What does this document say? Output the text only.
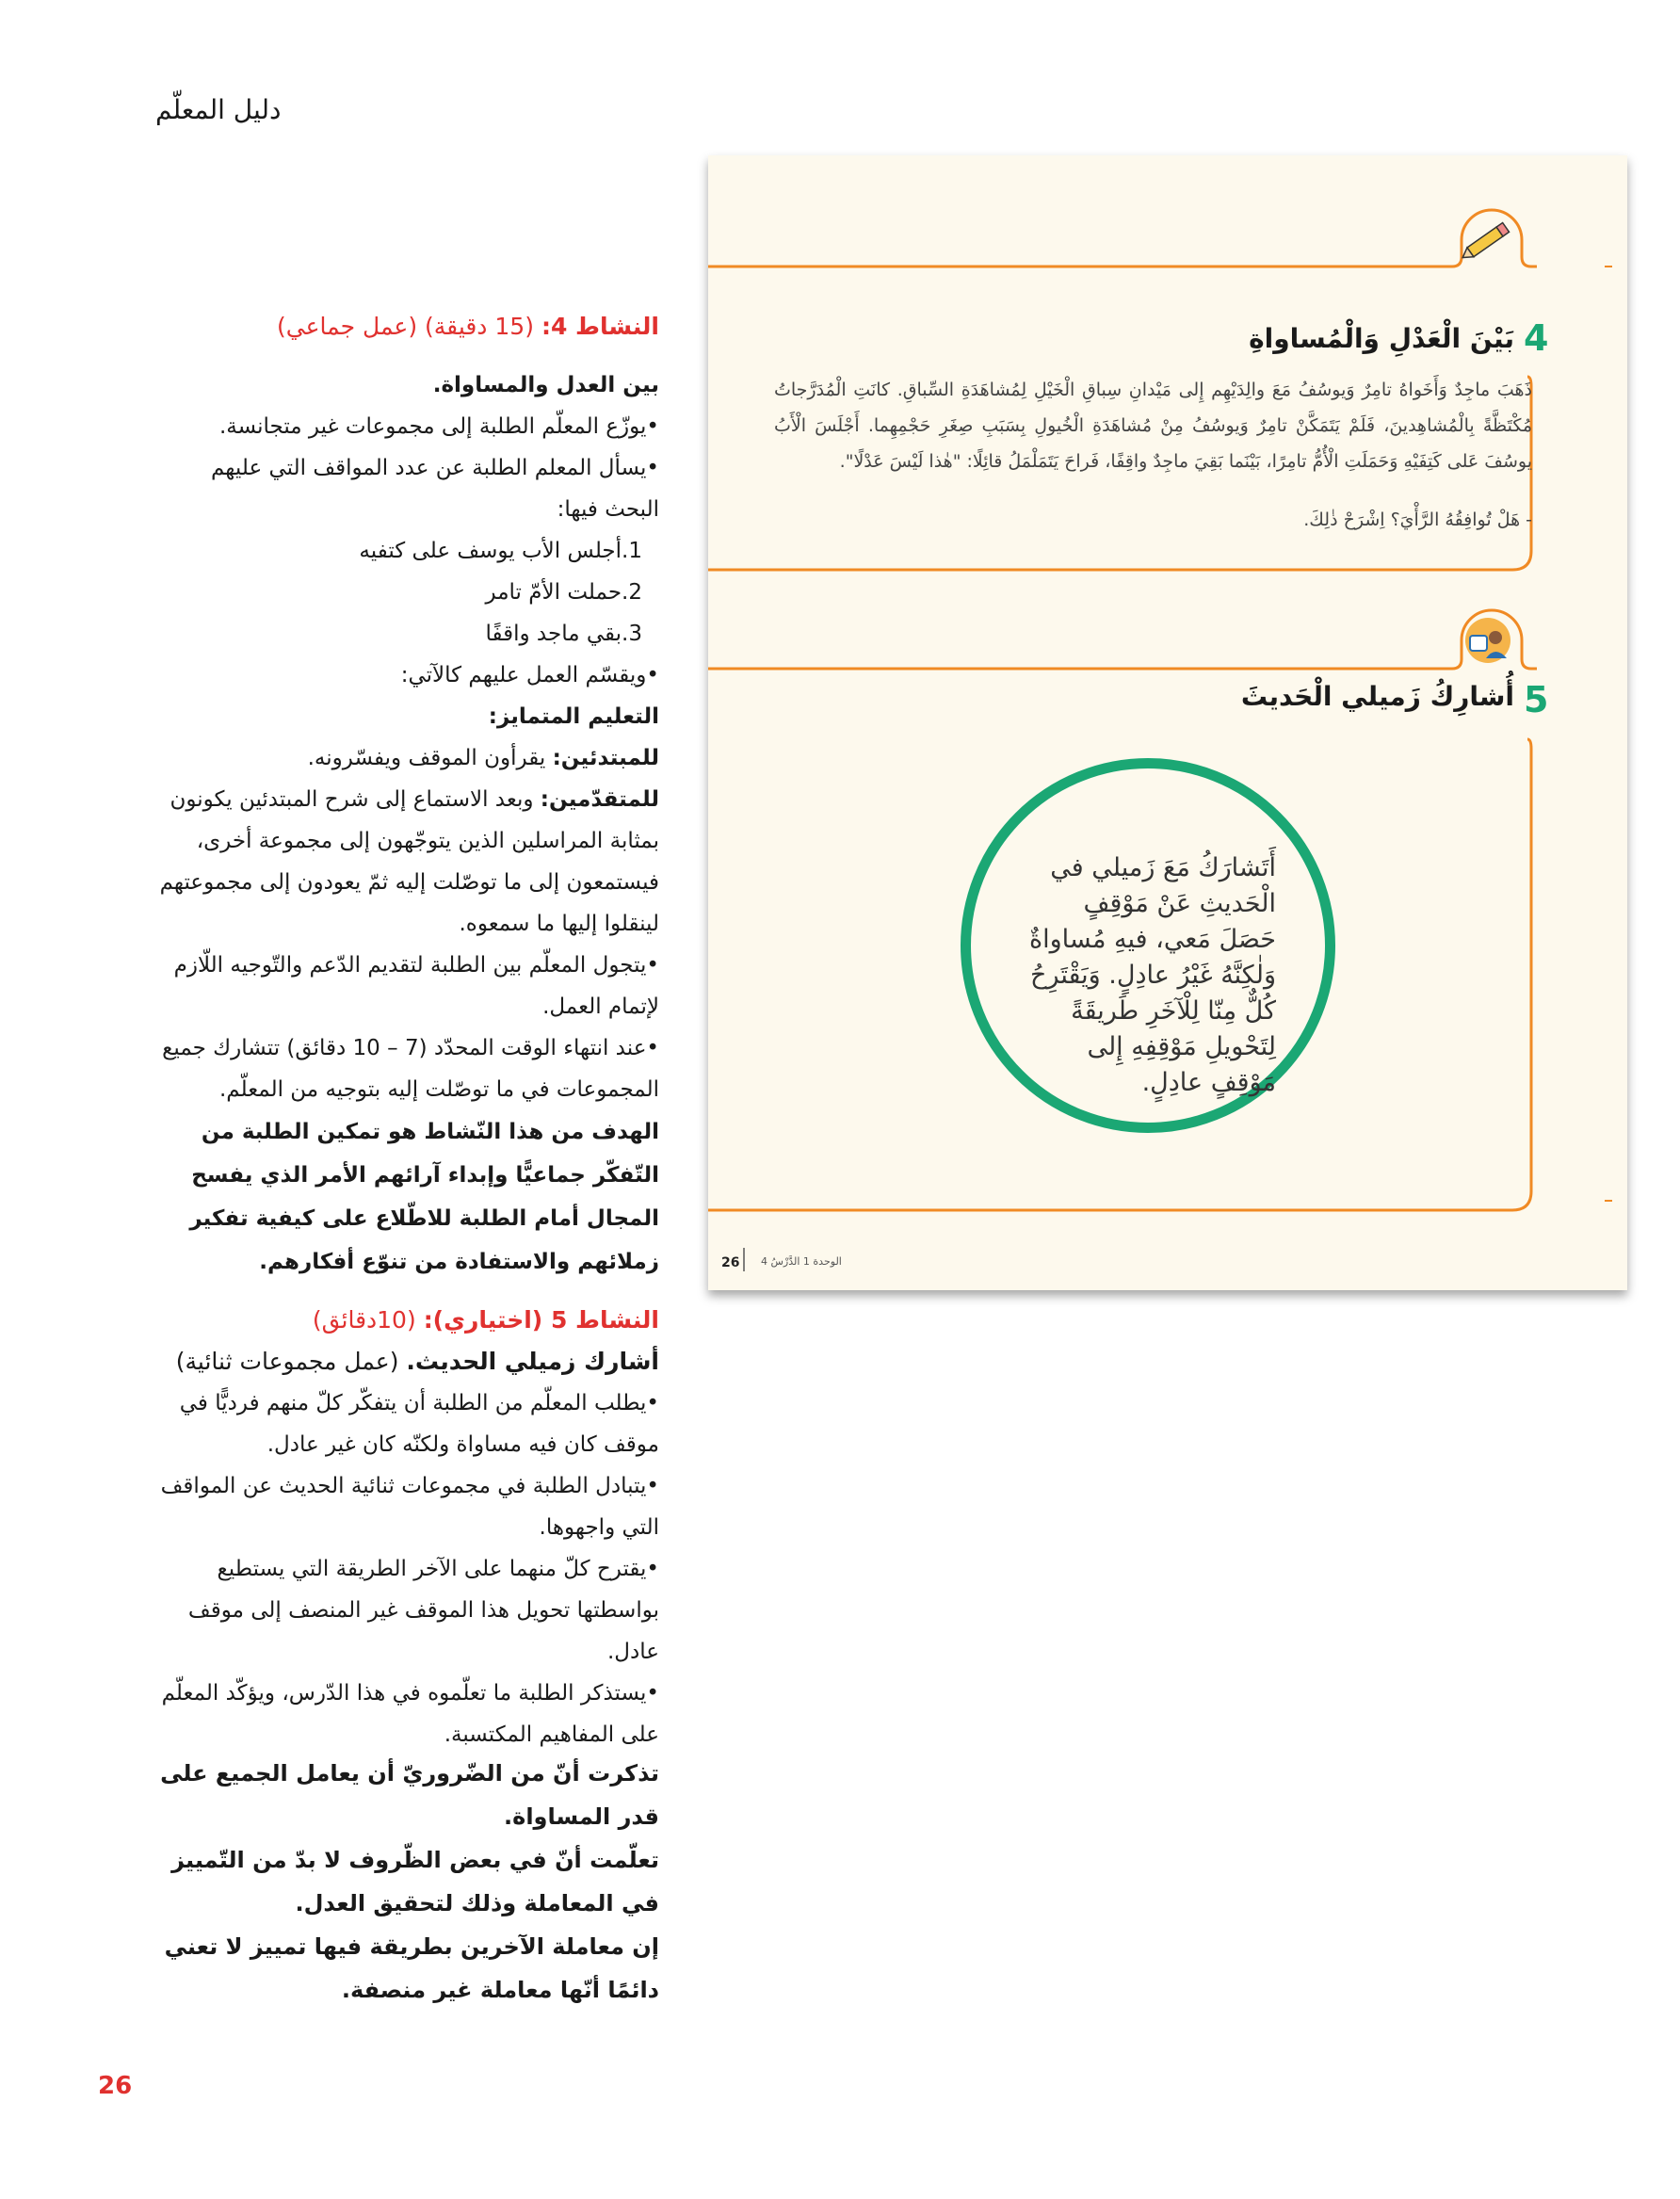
دليل المعلّم
النشاط 4: (15 دقيقة) (عمل جماعي)
بين العدل والمساواة.
• يوزّع المعلّم الطلبة إلى مجموعات غير متجانسة.
• يسأل المعلم الطلبة عن عدد المواقف التي عليهم البحث فيها:
1.أجلس الأب يوسف على كتفيه
2.حملت الأمّ تامر
3.بقي ماجد واقفًا
• ويقسّم العمل عليهم كالآتي:
التعليم المتمايز:
للمبتدئين: يقرأون الموقف ويفسّرونه.
للمتقدّمين: وبعد الاستماع إلى شرح المبتدئين يكونون بمثابة المراسلين الذين يتوجّهون إلى مجموعة أخرى، فيستمعون إلى ما توصّلت إليه ثمّ يعودون إلى مجموعتهم لينقلوا إليها ما سمعوه.
• يتجول المعلّم بين الطلبة لتقديم الدّعم والتّوجيه اللّازم لإتمام العمل.
• عند انتهاء الوقت المحدّد (7 – 10 دقائق) تتشارك جميع المجموعات في ما توصّلت إليه بتوجيه من المعلّم.
الهدف من هذا النّشاط هو تمكين الطلبة من التّفكّر جماعيًّا وإبداء آرائهم الأمر الذي يفسح المجال أمام الطلبة للاطّلاع على كيفية تفكير زملائهم والاستفادة من تنوّع أفكارهم.
النشاط 5 (اختياري): (10دقائق)
أشارك زميلي الحديث. (عمل مجموعات ثنائية)
• يطلب المعلّم من الطلبة أن يتفكّر كلّ منهم فرديًّا في موقف كان فيه مساواة ولكنّه كان غير عادل.
• يتبادل الطلبة في مجموعات ثنائية الحديث عن المواقف التي واجهوها.
• يقترح كلّ منهما على الآخر الطريقة التي يستطيع بواسطتها تحويل هذا الموقف غير المنصف إلى موقف عادل.
• يستذكر الطلبة ما تعلّموه في هذا الدّرس، ويؤكّد المعلّم على المفاهيم المكتسبة.
تذكرت أنّ من الضّروريّ أن يعامل الجميع على قدر المساواة.
تعلّمت أنّ في بعض الظّروف لا بدّ من التّمييز في المعاملة وذلك لتحقيق العدل.
إن معاملة الآخرين بطريقة فيها تمييز لا تعني دائمًا أنّها معاملة غير منصفة.
4
بَيْنَ الْعَدْلِ وَالْمُساواةِ
ذَهَبَ ماجِدٌ وَأَخَواهُ تامِرٌ وَيوسُفُ مَعَ والِدَيْهِم إِلى مَيْدانِ سِباقِ الْخَيْلِ لِمُشاهَدَةِ السِّباقِ. كانَتِ الْمُدَرَّجاتُ مُكْتَظَّةً بِالْمُشاهِدينَ، فَلَمْ يَتَمَكَّنْ تامِرٌ وَيوسُفُ مِنْ مُشاهَدَةِ الْخُيولِ بِسَبَبِ صِغَرِ حَجْمِهِما. أَجْلَسَ الْأَبُ يوسُفَ عَلى كَتِفَيْهِ وَحَمَلَتِ الْأُمُّ تامِرًا، بَيْنَما بَقِيَ ماجِدٌ واقِفًا، فَراحَ يَتَمَلْمَلُ قائِلًا: "هٰذا لَيْسَ عَدْلًا".
- هَلْ تُوافِقُهُ الرَّأْيَ؟ اِشْرَحْ ذٰلِكَ.
5
أُشارِكُ زَميلي الْحَديثَ
أَتَشارَكُ مَعَ زَميلي في الْحَديثِ عَنْ مَوْقِفٍ حَصَلَ مَعي، فيهِ مُساواةٌ وَلٰكِنَّهُ غَيْرُ عادِلٍ. وَيَقْتَرِحُ كُلٌّ مِنّا لِلْآخَرِ طَريقَةً لِتَحْويلِ مَوْقِفِهِ إِلى مَوْقِفٍ عادِلٍ.
26 الوحدة 1 الدَّرْسُ 4
26
